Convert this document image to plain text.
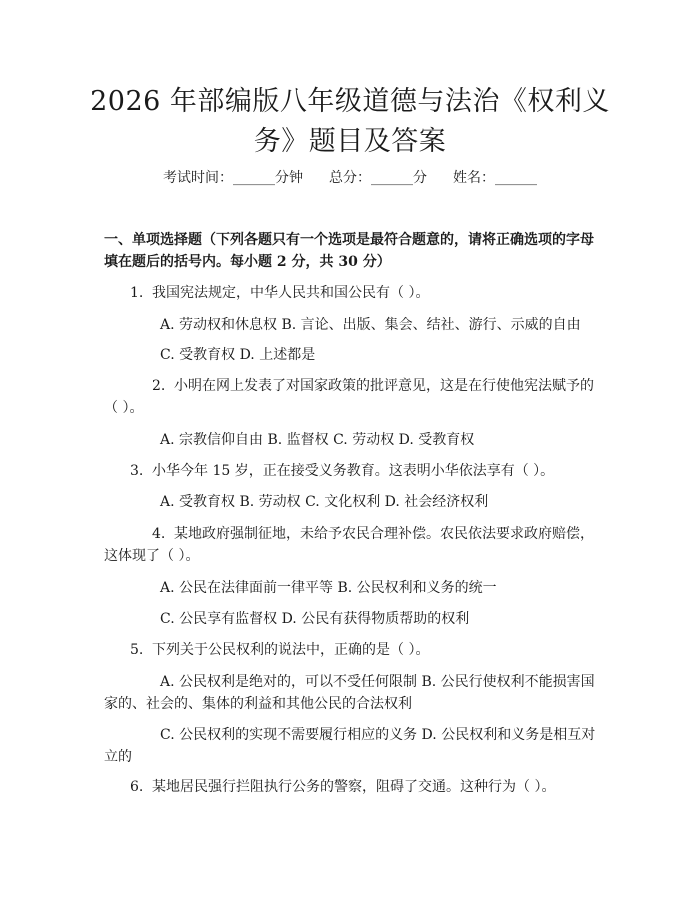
2026 年部编版八年级道德与法治《权利义
务》题目及答案
考试时间：______分钟 总分：______分 姓名：______
一、单项选择题（下列各题只有一个选项是最符合题意的，请将正确选项的字母填在题后的括号内。每小题 2 分，共 30 分）
1. 我国宪法规定，中华人民共和国公民有（ ）。
A. 劳动权和休息权 B. 言论、出版、集会、结社、游行、示威的自由
C. 受教育权 D. 上述都是
2. 小明在网上发表了对国家政策的批评意见，这是在行使他宪法赋予的（ ）。
A. 宗教信仰自由 B. 监督权 C. 劳动权 D. 受教育权
3. 小华今年 15 岁，正在接受义务教育。这表明小华依法享有（ ）。
A. 受教育权 B. 劳动权 C. 文化权利 D. 社会经济权利
4. 某地政府强制征地，未给予农民合理补偿。农民依法要求政府赔偿，这体现了（ ）。
A. 公民在法律面前一律平等 B. 公民权利和义务的统一
C. 公民享有监督权 D. 公民有获得物质帮助的权利
5. 下列关于公民权利的说法中，正确的是（ ）。
A. 公民权利是绝对的，可以不受任何限制 B. 公民行使权利不能损害国家的、社会的、集体的利益和其他公民的合法权利
C. 公民权利的实现不需要履行相应的义务 D. 公民权利和义务是相互对立的
6. 某地居民强行拦阻执行公务的警察，阻碍了交通。这种行为（ ）。
